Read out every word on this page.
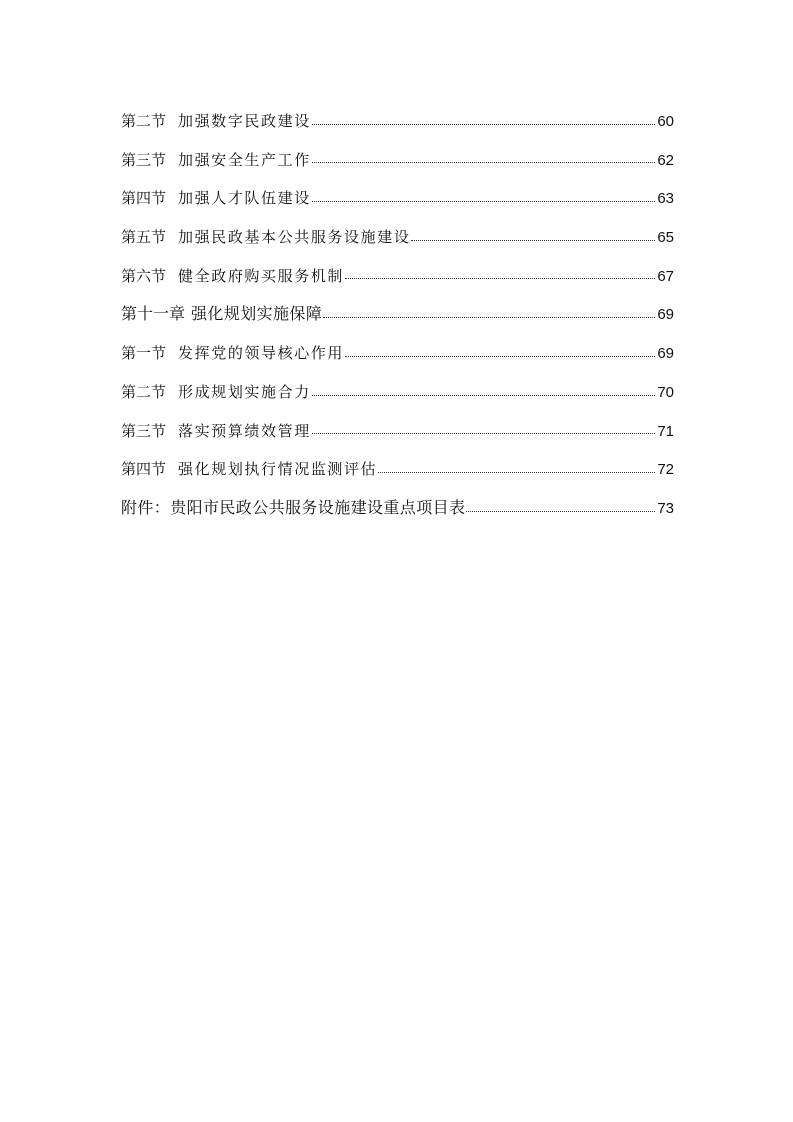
第二节 加强数字民政建设	60
第三节 加强安全生产工作	62
第四节 加强人才队伍建设	63
第五节 加强民政基本公共服务设施建设	65
第六节 健全政府购买服务机制	67
第十一章 强化规划实施保障	69
第一节 发挥党的领导核心作用	69
第二节 形成规划实施合力	70
第三节 落实预算绩效管理	71
第四节 强化规划执行情况监测评估	72
附件：贵阳市民政公共服务设施建设重点项目表	73
